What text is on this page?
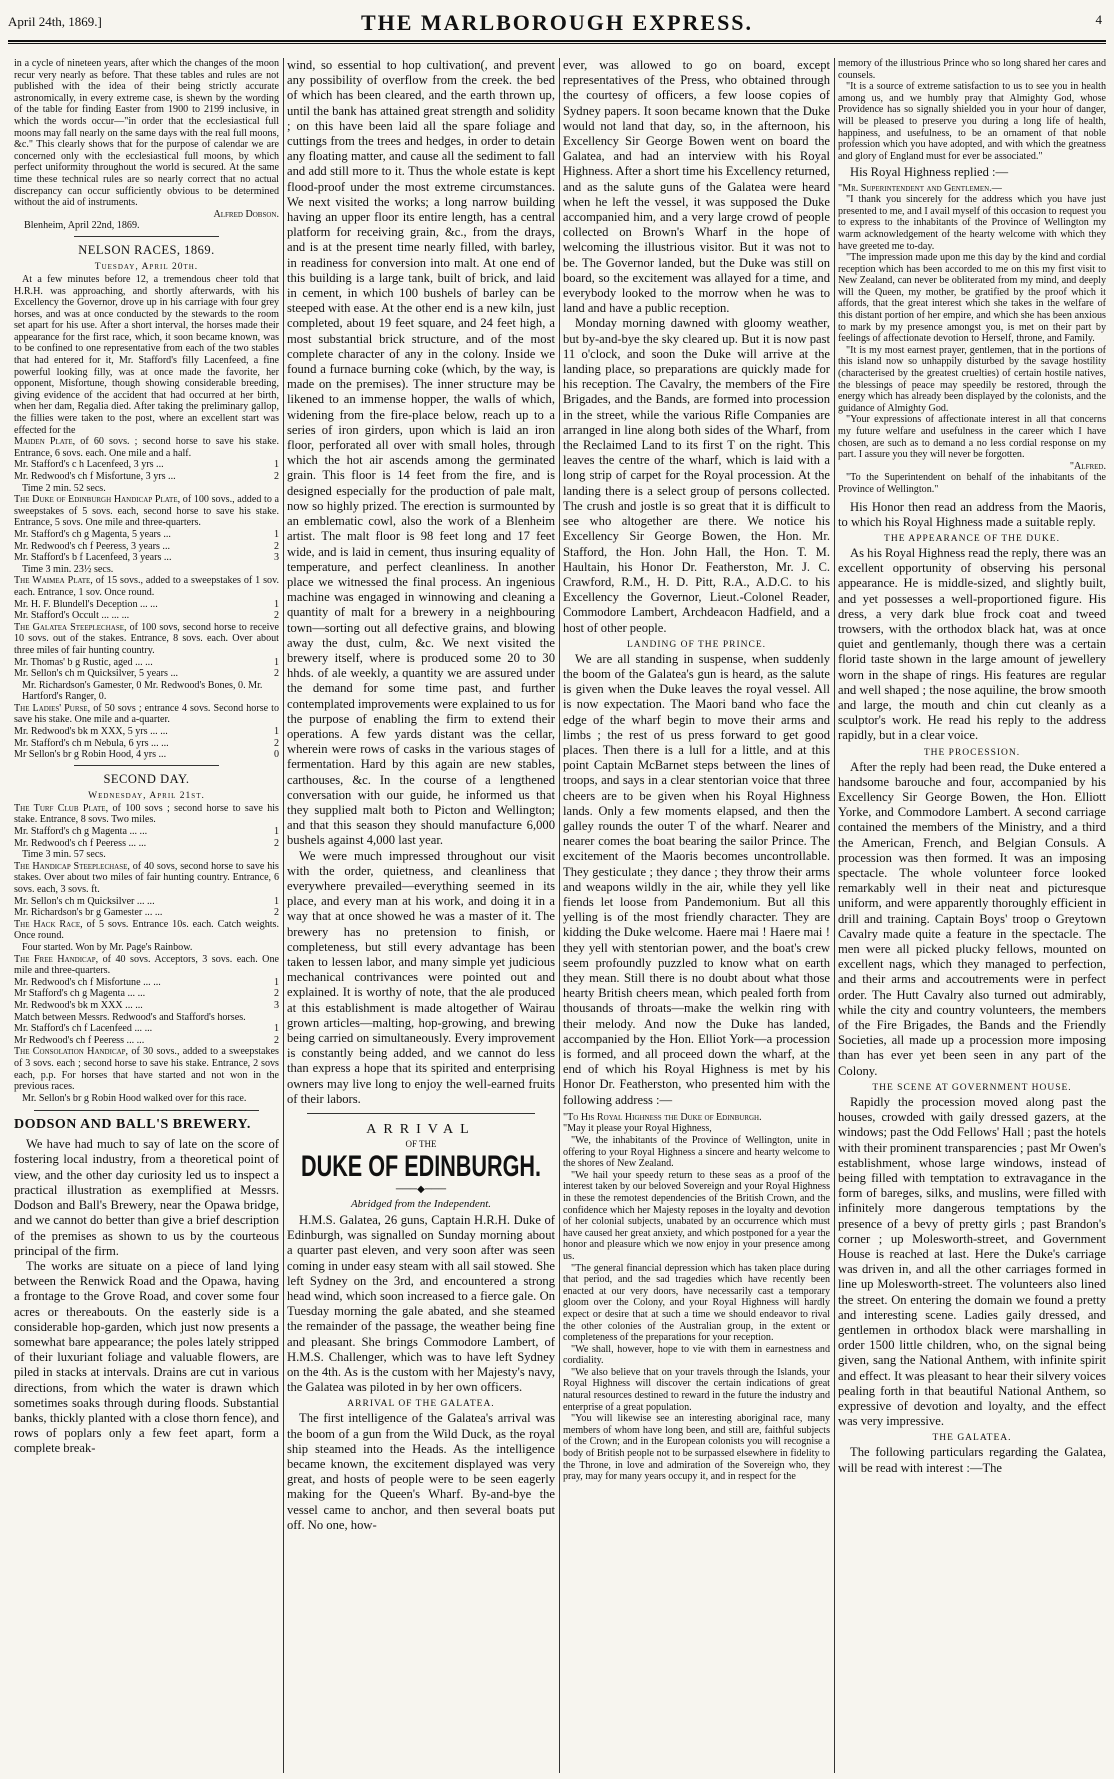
April 24th, 1869.]	THE MARLBOROUGH EXPRESS.	4

in a cycle of nineteen years, after which the changes of the moon recur very nearly as before. That these tables and rules are not published with the idea of their being strictly accurate astronomically, in every extreme case, is shewn by the wording of the table for finding Easter from 1900 to 2199 inclusive, in which the words occur—"in order that the ecclesiastical full moons may fall nearly on the same days with the real full moons, &c." This clearly shows that for the purpose of calendar we are concerned only with the ecclesiastical full moons, by which perfect uniformity throughout the world is secured. At the same time these technical rules are so nearly correct that no actual discrepancy can occur sufficiently obvious to be determined without the aid of instruments.

Alfred Dobson.

Blenheim, April 22nd, 1869.

NELSON RACES, 1869.
Tuesday, April 20th.

At a few minutes before 12, a tremendous cheer told that H.R.H. was approaching, and shortly afterwards, with his Excellency the Governor, drove up in his carriage with four grey horses, and was at once conducted by the stewards to the room set apart for his use. After a short interval, the horses made their appearance for the first race, which, it soon became known, was to be confined to one representative from each of the two stables that had entered for it, Mr. Stafford's filly Lacenfeed, a fine powerful looking filly, was at once made the favorite, her opponent, Misfortune, though showing considerable breeding, giving evidence of the accident that had occurred at her birth, when her dam, Regalia died. After taking the preliminary gallop, the fillies were taken to the post, where an excellent start was effected for the

Maiden Plate, of 60 sovs. ; second horse to save his stake. Entrance, 6 sovs. each. One mile and a half.

Mr. Stafford's c h Lacenfeed, 3 yrs ...	1
Mr. Redwood's ch f Misfortune, 3 yrs ...	2

Time 2 min. 52 secs.

The Duke of Edinburgh Handicap Plate, of 100 sovs., added to a sweepstakes of 5 sovs. each, second horse to save his stake. Entrance, 5 sovs. One mile and three-quarters.

Mr. Stafford's ch g Magenta, 5 years ...	1
Mr. Redwood's ch f Peeress, 3 years ...	2
Mr. Stafford's b f Lacenfeed, 3 years ...	3

Time 3 min. 23½ secs.

The Waimea Plate, of 15 sovs., added to a sweepstakes of 1 sov. each. Entrance, 1 sov. Once round.

Mr. H. F. Blundell's Deception ... ...	1
Mr. Stafford's Occult ... ... ...	2

The Galatea Steeplechase, of 100 sovs, second horse to receive 10 sovs. out of the stakes. Entrance, 8 sovs. each. Over about three miles of fair hunting country.

Mr. Thomas' b g Rustic, aged ... ...	1
Mr. Sellon's ch m Quicksilver, 5 years ...	2

Mr. Richardson's Gamester, 0 Mr. Redwood's Bones, 0. Mr. Hartford's Ranger, 0.

The Ladies' Purse, of 50 sovs ; entrance 4 sovs. Second horse to save his stake. One mile and a-quarter.

Mr. Redwood's bk m XXX, 5 yrs ... ...	1
Mr. Stafford's ch m Nebula, 6 yrs ... ...	2
Mr Sellon's br g Robin Hood, 4 yrs ...	0
SECOND DAY.
Wednesday, April 21st.

The Turf Club Plate, of 100 sovs ; second horse to save his stake. Entrance, 8 sovs. Two miles.

Mr. Stafford's ch g Magenta ... ...	1
Mr. Redwood's ch f Peeress ... ...	2

Time 3 min. 57 secs.

The Handicap Steeplechase, of 40 sovs, second horse to save his stakes. Over about two miles of fair hunting country. Entrance, 6 sovs. each, 3 sovs. ft.

Mr. Sellon's ch m Quicksilver ... ...	1
Mr. Richardson's br g Gamester ... ...	2

The Hack Race, of 5 sovs. Entrance 10s. each. Catch weights. Once round.

Four started. Won by Mr. Page's Rainbow.

The Free Handicap, of 40 sovs. Acceptors, 3 sovs. each. One mile and three-quarters.

Mr. Redwood's ch f Misfortune ... ...	1
Mr Stafford's ch g Magenta ... ...	2
Mr. Redwood's bk m XXX ... ...	3

Match between Messrs. Redwood's and Stafford's horses.

Mr. Stafford's ch f Lacenfeed ... ...	1
Mr Redwood's ch f Peeress ... ...	2

The Consolation Handicap, of 30 sovs., added to a sweepstakes of 3 sovs. each ; second horse to save his stake. Entrance, 2 sovs each, p.p. For horses that have started and not won in the previous races.

Mr. Sellon's br g Robin Hood walked over for this race.

DODSON AND BALL'S BREWERY.

We have had much to say of late on the score of fostering local industry, from a theoretical point of view, and the other day curiosity led us to inspect a practical illustration as exemplified at Messrs. Dodson and Ball's Brewery, near the Opawa bridge, and we cannot do better than give a brief description of the premises as shown to us by the courteous principal of the firm.

The works are situate on a piece of land lying between the Renwick Road and the Opawa, having a frontage to the Grove Road, and cover some four acres or thereabouts. On the easterly side is a considerable hop-garden, which just now presents a somewhat bare appearance; the poles lately stripped of their luxuriant foliage and valuable flowers, are piled in stacks at intervals. Drains are cut in various directions, from which the water is drawn which sometimes soaks through during floods. Substantial banks, thickly planted with a close thorn fence), and rows of poplars only a few feet apart, form a complete break-

wind, so essential to hop cultivation(, and prevent any possibility of overflow from the creek. the bed of which has been cleared, and the earth thrown up, until the bank has attained great strength and solidity ; on this have been laid all the spare foliage and cuttings from the trees and hedges, in order to detain any floating matter, and cause all the sediment to fall and add still more to it. Thus the whole estate is kept flood-proof under the most extreme circumstances. We next visited the works; a long narrow building having an upper floor its entire length, has a central platform for receiving grain, &c., from the drays, and is at the present time nearly filled, with barley, in readiness for conversion into malt. At one end of this building is a large tank, built of brick, and laid in cement, in which 100 bushels of barley can be steeped with ease. At the other end is a new kiln, just completed, about 19 feet square, and 24 feet high, a most substantial brick structure, and of the most complete character of any in the colony. Inside we found a furnace burning coke (which, by the way, is made on the premises). The inner structure may be likened to an immense hopper, the walls of which, widening from the fire-place below, reach up to a series of iron girders, upon which is laid an iron floor, perforated all over with small holes, through which the hot air ascends among the germinated grain. This floor is 14 feet from the fire, and is designed especially for the production of pale malt, now so highly prized. The erection is surmounted by an emblematic cowl, also the work of a Blenheim artist. The malt floor is 98 feet long and 17 feet wide, and is laid in cement, thus insuring equality of temperature, and perfect cleanliness. In another place we witnessed the final process. An ingenious machine was engaged in winnowing and cleaning a quantity of malt for a brewery in a neighbouring town—sorting out all defective grains, and blowing away the dust, culm, &c. We next visited the brewery itself, where is produced some 20 to 30 hhds. of ale weekly, a quantity we are assured under the demand for some time past, and further contemplated improvements were explained to us for the purpose of enabling the firm to extend their operations. A few yards distant was the cellar, wherein were rows of casks in the various stages of fermentation. Hard by this again are new stables, carthouses, &c. In the course of a lengthened conversation with our guide, he informed us that they supplied malt both to Picton and Wellington; and that this season they should manufacture 6,000 bushels against 4,000 last year.

We were much impressed throughout our visit with the order, quietness, and cleanliness that everywhere prevailed—everything seemed in its place, and every man at his work, and doing it in a way that at once showed he was a master of it. The brewery has no pretension to finish, or completeness, but still every advantage has been taken to lessen labor, and many simple yet judicious mechanical contrivances were pointed out and explained. It is worthy of note, that the ale produced at this establishment is made altogether of Wairau grown articles—malting, hop-growing, and brewing being carried on simultaneously. Every improvement is constantly being added, and we cannot do less than express a hope that its spirited and enterprising owners may live long to enjoy the well-earned fruits of their labors.

ARRIVAL
OF THE
DUKE OF EDINBURGH.
───◆───
Abridged from the Independent.

H.M.S. Galatea, 26 guns, Captain H.R.H. Duke of Edinburgh, was signalled on Sunday morning about a quarter past eleven, and very soon after was seen coming in under easy steam with all sail stowed. She left Sydney on the 3rd, and encountered a strong head wind, which soon increased to a fierce gale. On Tuesday morning the gale abated, and she steamed the remainder of the passage, the weather being fine and pleasant. She brings Commodore Lambert, of H.M.S. Challenger, which was to have left Sydney on the 4th. As is the custom with her Majesty's navy, the Galatea was piloted in by her own officers.

ARRIVAL OF THE GALATEA.

The first intelligence of the Galatea's arrival was the boom of a gun from the Wild Duck, as the royal ship steamed into the Heads. As the intelligence became known, the excitement displayed was very great, and hosts of people were to be seen eagerly making for the Queen's Wharf. By-and-bye the vessel came to anchor, and then several boats put off. No one, how-

ever, was allowed to go on board, except representatives of the Press, who obtained through the courtesy of officers, a few loose copies of Sydney papers. It soon became known that the Duke would not land that day, so, in the afternoon, his Excellency Sir George Bowen went on board the Galatea, and had an interview with his Royal Highness. After a short time his Excellency returned, and as the salute guns of the Galatea were heard when he left the vessel, it was supposed the Duke accompanied him, and a very large crowd of people collected on Brown's Wharf in the hope of welcoming the illustrious visitor. But it was not to be. The Governor landed, but the Duke was still on board, so the excitement was allayed for a time, and everybody looked to the morrow when he was to land and have a public reception.

Monday morning dawned with gloomy weather, but by-and-bye the sky cleared up. But it is now past 11 o'clock, and soon the Duke will arrive at the landing place, so preparations are quickly made for his reception. The Cavalry, the members of the Fire Brigades, and the Bands, are formed into procession in the street, while the various Rifle Companies are arranged in line along both sides of the Wharf, from the Reclaimed Land to its first T on the right. This leaves the centre of the wharf, which is laid with a long strip of carpet for the Royal procession. At the landing there is a select group of persons collected. The crush and jostle is so great that it is difficult to see who altogether are there. We notice his Excellency Sir George Bowen, the Hon. Mr. Stafford, the Hon. John Hall, the Hon. T. M. Haultain, his Honor Dr. Featherston, Mr. J. C. Crawford, R.M., H. D. Pitt, R.A., A.D.C. to his Excellency the Governor, Lieut.-Colonel Reader, Commodore Lambert, Archdeacon Hadfield, and a host of other people.

LANDING OF THE PRINCE.

We are all standing in suspense, when suddenly the boom of the Galatea's gun is heard, as the salute is given when the Duke leaves the royal vessel. All is now expectation. The Maori band who face the edge of the wharf begin to move their arms and limbs ; the rest of us press forward to get good places. Then there is a lull for a little, and at this point Captain McBarnet steps between the lines of troops, and says in a clear stentorian voice that three cheers are to be given when his Royal Highness lands. Only a few moments elapsed, and then the galley rounds the outer T of the wharf. Nearer and nearer comes the boat bearing the sailor Prince. The excitement of the Maoris becomes uncontrollable. They gesticulate ; they dance ; they throw their arms and weapons wildly in the air, while they yell like fiends let loose from Pandemonium. But all this yelling is of the most friendly character. They are kidding the Duke welcome. Haere mai ! Haere mai ! they yell with stentorian power, and the boat's crew seem profoundly puzzled to know what on earth they mean. Still there is no doubt about what those hearty British cheers mean, which pealed forth from thousands of throats—make the welkin ring with their melody. And now the Duke has landed, accompanied by the Hon. Elliot York—a procession is formed, and all proceed down the wharf, at the end of which his Royal Highness is met by his Honor Dr. Featherston, who presented him with the following address :—

"To His Royal Highness the Duke of Edinburgh.

"May it please your Royal Highness,

"We, the inhabitants of the Province of Wellington, unite in offering to your Royal Highness a sincere and hearty welcome to the shores of New Zealand.

"We hail your speedy return to these seas as a proof of the interest taken by our beloved Sovereign and your Royal Highness in these the remotest dependencies of the British Crown, and the confidence which her Majesty reposes in the loyalty and devotion of her colonial subjects, unabated by an occurrence which must have caused her great anxiety, and which postponed for a year the honor and pleasure which we now enjoy in your presence among us.

"The general financial depression which has taken place during that period, and the sad tragedies which have recently been enacted at our very doors, have necessarily cast a temporary gloom over the Colony, and your Royal Highness will hardly expect or desire that at such a time we should endeavor to rival the other colonies of the Australian group, in the extent or completeness of the preparations for your reception.

"We shall, however, hope to vie with them in earnestness and cordiality.

"We also believe that on your travels through the Islands, your Royal Highness will discover the certain indications of great natural resources destined to reward in the future the industry and enterprise of a great population.

"You will likewise see an interesting aboriginal race, many members of whom have long been, and still are, faithful subjects of the Crown; and in the European colonists you will recognise a body of British people not to be surpassed elsewhere in fidelity to the Throne, in love and admiration of the Sovereign who, they pray, may for many years occupy it, and in respect for the

memory of the illustrious Prince who so long shared her cares and counsels.

"It is a source of extreme satisfaction to us to see you in health among us, and we humbly pray that Almighty God, whose Providence has so signally shielded you in your hour of danger, will be pleased to preserve you during a long life of health, happiness, and usefulness, to be an ornament of that noble profession which you have adopted, and with which the greatness and glory of England must for ever be associated."

His Royal Highness replied :—

"Mr. Superintendent and Gentlemen.—

"I thank you sincerely for the address which you have just presented to me, and I avail myself of this occasion to request you to express to the inhabitants of the Province of Wellington my warm acknowledgement of the hearty welcome with which they have greeted me to-day.

"The impression made upon me this day by the kind and cordial reception which has been accorded to me on this my first visit to New Zealand, can never be obliterated from my mind, and deeply will the Queen, my mother, be gratified by the proof which it affords, that the great interest which she takes in the welfare of this distant portion of her empire, and which she has been anxious to mark by my presence amongst you, is met on their part by feelings of affectionate devotion to Herself, throne, and Family.

"It is my most earnest prayer, gentlemen, that in the portions of this island now so unhappily disturbed by the savage hostility (characterised by the greatest cruelties) of certain hostile natives, the blessings of peace may speedily be restored, through the energy which has already been displayed by the colonists, and the guidance of Almighty God.

"Your expressions of affectionate interest in all that concerns my future welfare and usefulness in the career which I have chosen, are such as to demand a no less cordial response on my part. I assure you they will never be forgotten.

"Alfred.

"To the Superintendent on behalf of the inhabitants of the Province of Wellington."

His Honor then read an address from the Maoris, to which his Royal Highness made a suitable reply.

THE APPEARANCE OF THE DUKE.

As his Royal Highness read the reply, there was an excellent opportunity of observing his personal appearance. He is middle-sized, and slightly built, and yet possesses a well-proportioned figure. His dress, a very dark blue frock coat and tweed trowsers, with the orthodox black hat, was at once quiet and gentlemanly, though there was a certain florid taste shown in the large amount of jewellery worn in the shape of rings. His features are regular and well shaped ; the nose aquiline, the brow smooth and large, the mouth and chin cut cleanly as a sculptor's work. He read his reply to the address rapidly, but in a clear voice.

THE PROCESSION.

After the reply had been read, the Duke entered a handsome barouche and four, accompanied by his Excellency Sir George Bowen, the Hon. Elliott Yorke, and Commodore Lambert. A second carriage contained the members of the Ministry, and a third the American, French, and Belgian Consuls. A procession was then formed. It was an imposing spectacle. The whole volunteer force looked remarkably well in their neat and picturesque uniform, and were apparently thoroughly efficient in drill and training. Captain Boys' troop o Greytown Cavalry made quite a feature in the spectacle. The men were all picked plucky fellows, mounted on excellent nags, which they managed to perfection, and their arms and accoutrements were in perfect order. The Hutt Cavalry also turned out admirably, while the city and country volunteers, the members of the Fire Brigades, the Bands and the Friendly Societies, all made up a procession more imposing than has ever yet been seen in any part of the Colony.

THE SCENE AT GOVERNMENT HOUSE.

Rapidly the procession moved along past the houses, crowded with gaily dressed gazers, at the windows; past the Odd Fellows' Hall ; past the hotels with their prominent transparencies ; past Mr Owen's establishment, whose large windows, instead of being filled with temptation to extravagance in the form of bareges, silks, and muslins, were filled with infinitely more dangerous temptations by the presence of a bevy of pretty girls ; past Brandon's corner ; up Molesworth-street, and Government House is reached at last. Here the Duke's carriage was driven in, and all the other carriages formed in line up Molesworth-street. The volunteers also lined the street. On entering the domain we found a pretty and interesting scene. Ladies gaily dressed, and gentlemen in orthodox black were marshalling in order 1500 little children, who, on the signal being given, sang the National Anthem, with infinite spirit and effect. It was pleasant to hear their silvery voices pealing forth in that beautiful National Anthem, so expressive of devotion and loyalty, and the effect was very impressive.

THE GALATEA.

The following particulars regarding the Galatea, will be read with interest :—The
